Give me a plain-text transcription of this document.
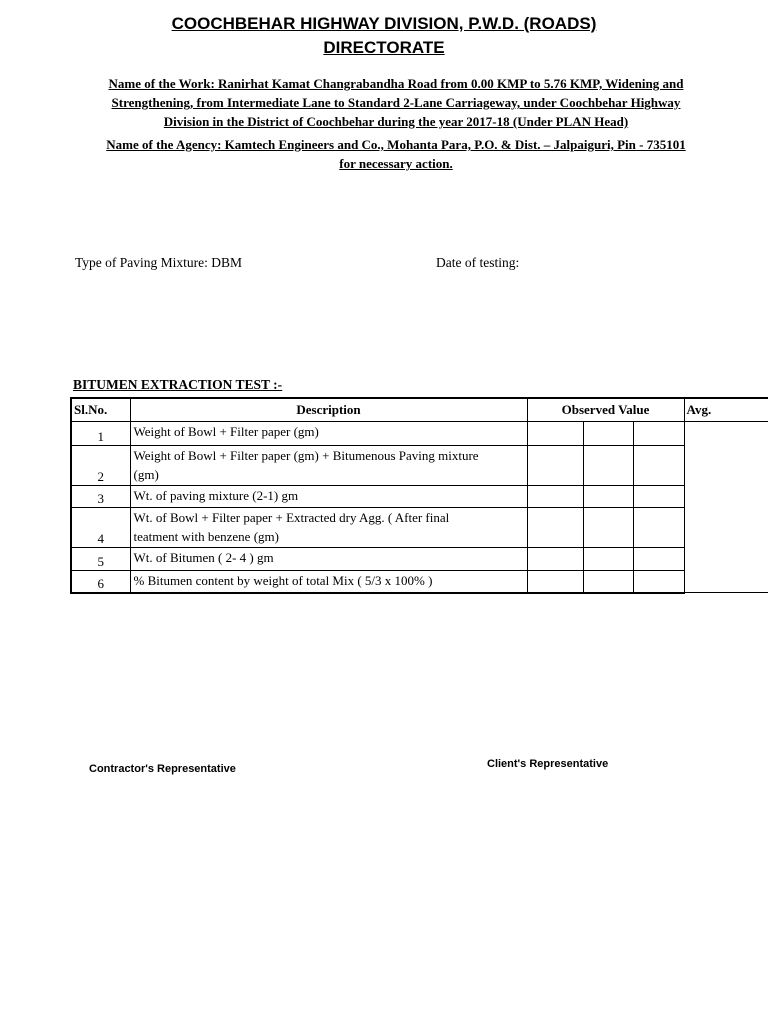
COOCHBEHAR HIGHWAY DIVISION, P.W.D. (ROADS)
DIRECTORATE
Name of the Work: Ranirhat Kamat Changrabandha Road from 0.00 KMP to 5.76 KMP, Widening and
Strengthening, from Intermediate Lane to Standard 2-Lane Carriageway, under Coochbehar Highway
Division in the District of Coochbehar during the year 2017-18 (Under PLAN Head)
Name of the Agency: Kamtech Engineers and Co., Mohanta Para, P.O. & Dist. – Jalpaiguri, Pin - 735101
for necessary action.
Type of Paving Mixture: DBM	Date of testing:
BITUMEN EXTRACTION TEST :-
Sl.No.	Description	Observed Value			Avg.
1	Weight of Bowl + Filter paper (gm)				

2	Weight of Bowl + Filter paper (gm) + Bitumenous Paving mixture
(gm)				

3	Wt. of paving mixture (2-1) gm				

4	Wt. of Bowl + Filter paper + Extracted dry Agg. ( After final
teatment with benzene (gm)				

5	Wt. of Bitumen ( 2- 4 ) gm				

6	% Bitumen content by weight of total Mix ( 5/3 x 100% )				

Contractor's Representative	Client's Representative
